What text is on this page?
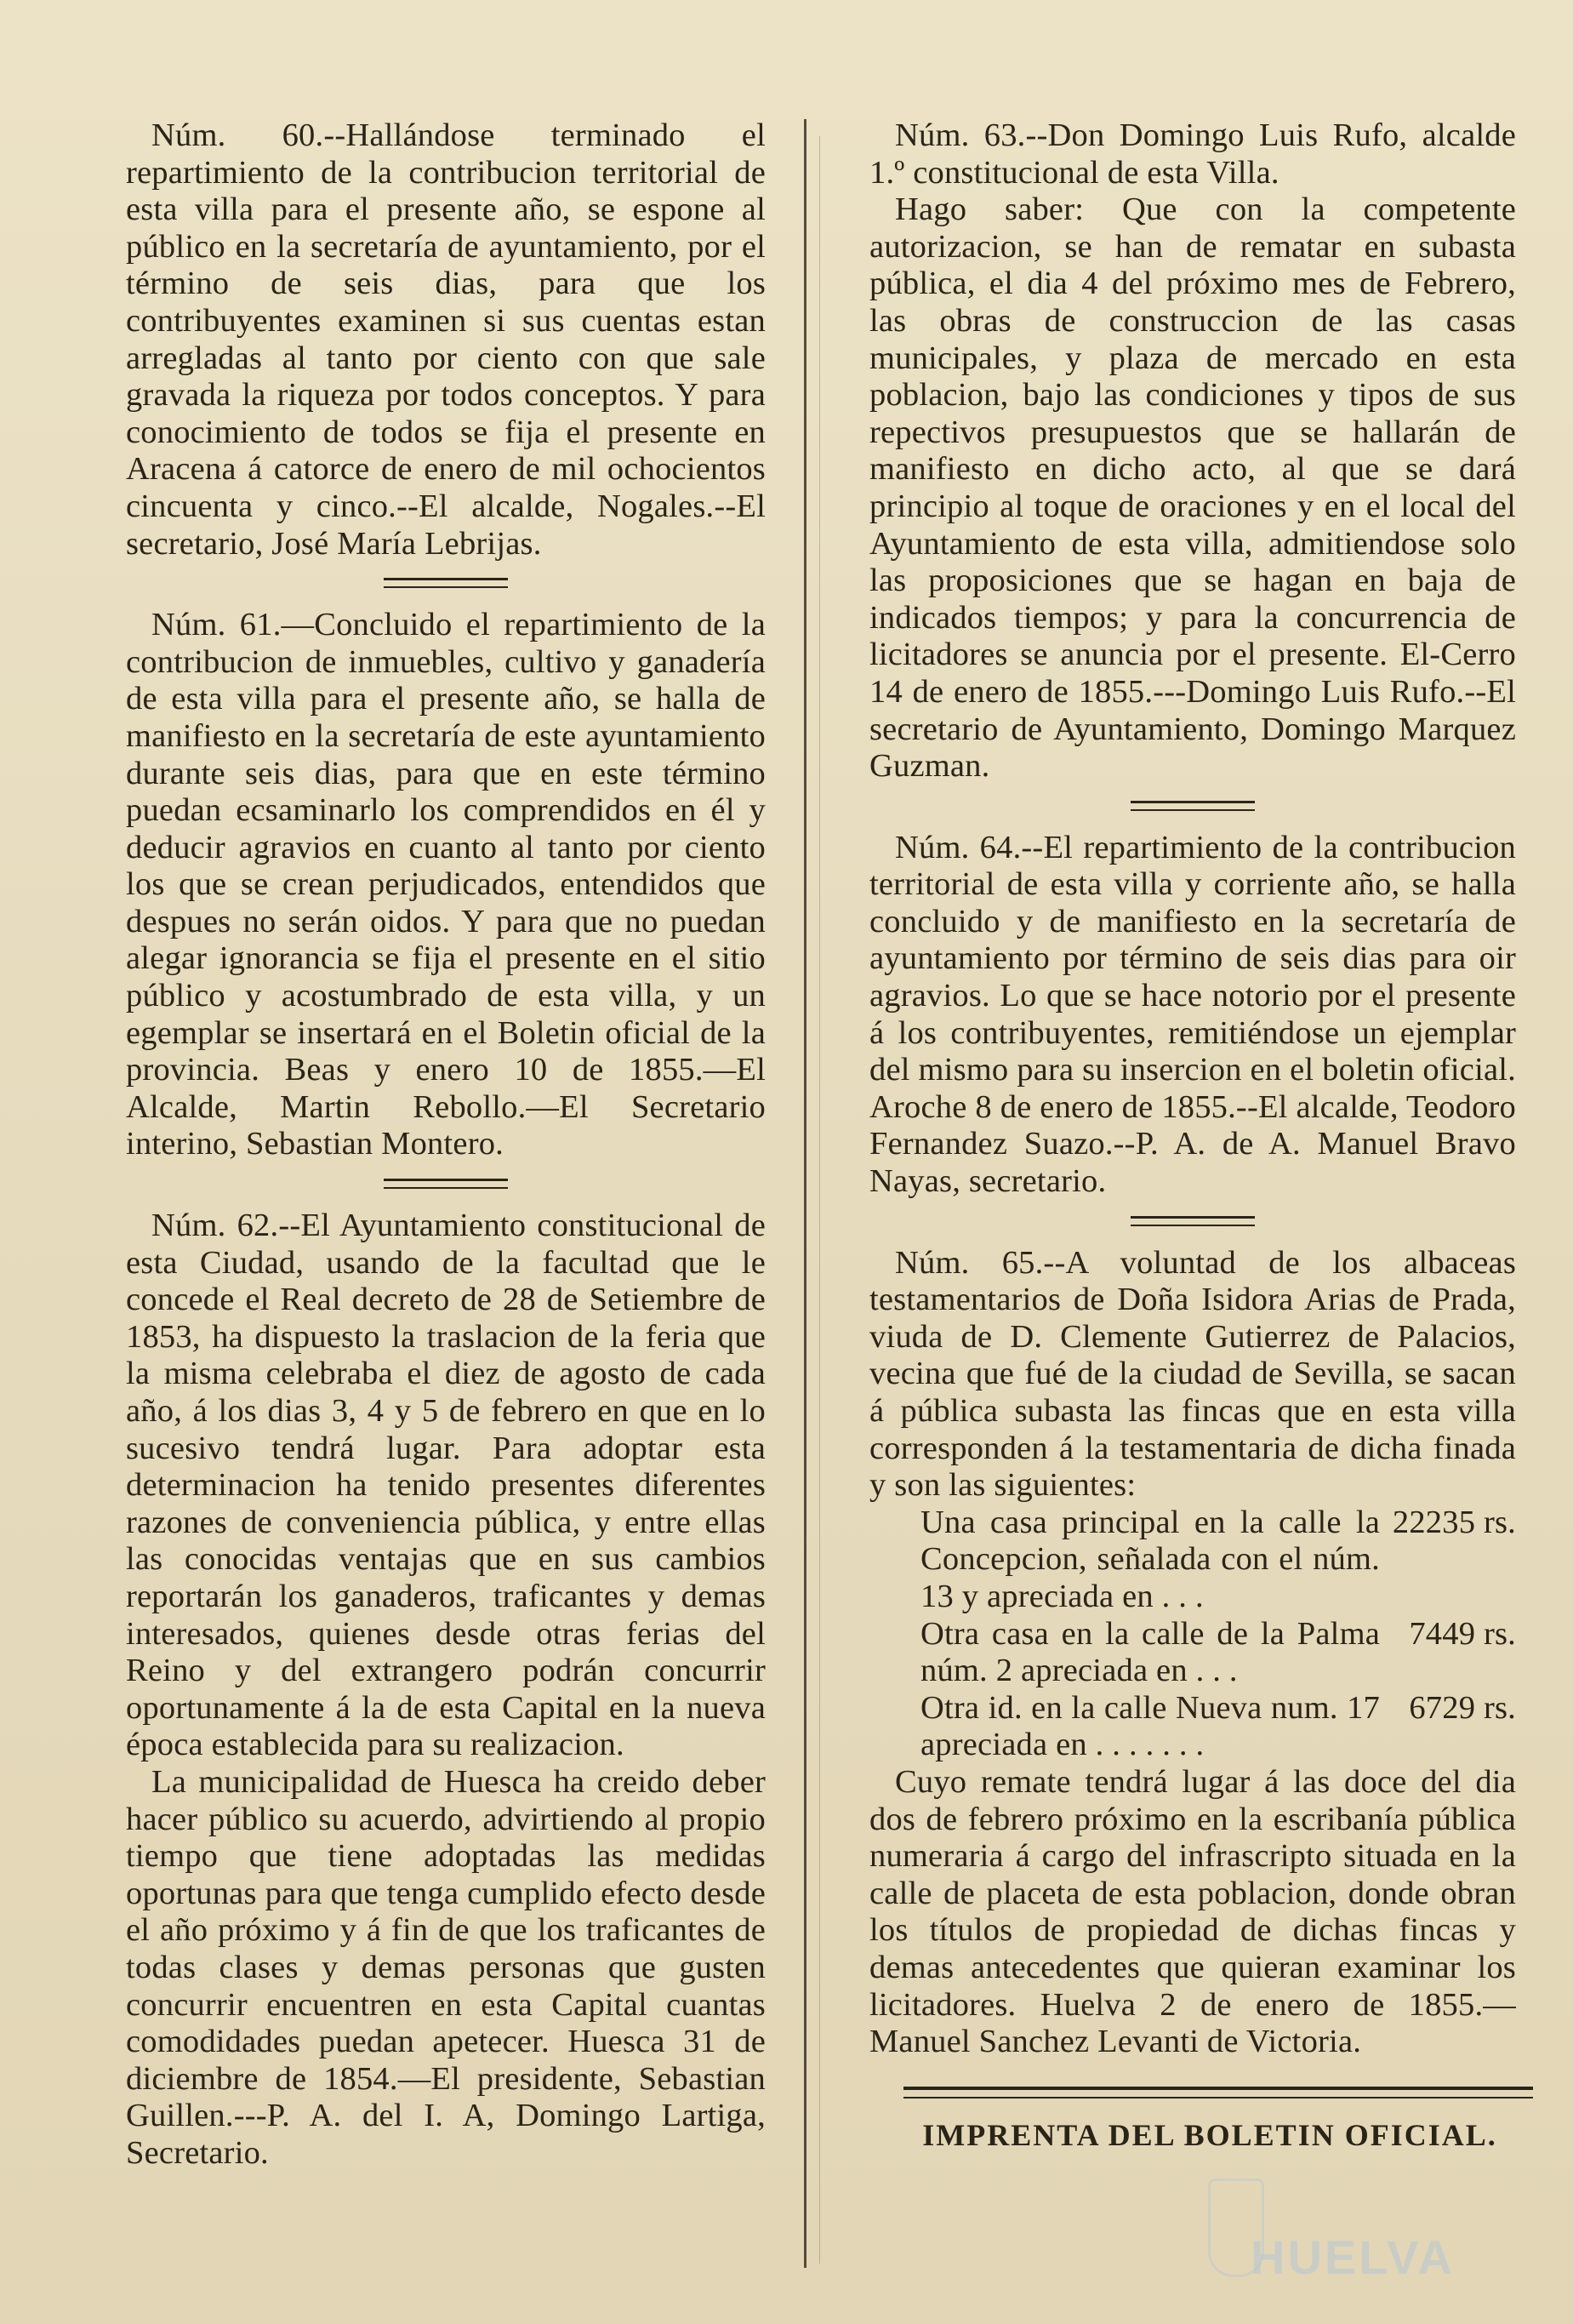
Núm. 60.--Hallándose terminado el repartimiento de la contribucion territorial de esta villa para el presente año, se espone al público en la secretaría de ayuntamiento, por el término de seis dias, para que los contribuyentes examinen si sus cuentas estan arregladas al tanto por ciento con que sale gravada la riqueza por todos conceptos. Y para conocimiento de todos se fija el presente en Aracena á catorce de enero de mil ochocientos cincuenta y cinco.--El alcalde, Nogales.--El secretario, José María Lebrijas.

Núm. 61.—Concluido el repartimiento de la contribucion de inmuebles, cultivo y ganadería de esta villa para el presente año, se halla de manifiesto en la secretaría de este ayuntamiento durante seis dias, para que en este término puedan ecsaminarlo los comprendidos en él y deducir agravios en cuanto al tanto por ciento los que se crean perjudicados, entendidos que despues no serán oidos. Y para que no puedan alegar ignorancia se fija el presente en el sitio público y acostumbrado de esta villa, y un egemplar se insertará en el Boletin oficial de la provincia. Beas y enero 10 de 1855.—El Alcalde, Martin Rebollo.—El Secretario interino, Sebastian Montero.

Núm. 62.--El Ayuntamiento constitucional de esta Ciudad, usando de la facultad que le concede el Real decreto de 28 de Setiembre de 1853, ha dispuesto la traslacion de la feria que la misma celebraba el diez de agosto de cada año, á los dias 3, 4 y 5 de febrero en que en lo sucesivo tendrá lugar. Para adoptar esta determinacion ha tenido presentes diferentes razones de conveniencia pública, y entre ellas las conocidas ventajas que en sus cambios reportarán los ganaderos, traficantes y demas interesados, quienes desde otras ferias del Reino y del extrangero podrán concurrir oportunamente á la de esta Capital en la nueva época establecida para su realizacion.

La municipalidad de Huesca ha creido deber hacer público su acuerdo, advirtiendo al propio tiempo que tiene adoptadas las medidas oportunas para que tenga cumplido efecto desde el año próximo y á fin de que los traficantes de todas clases y demas personas que gusten concurrir encuentren en esta Capital cuantas comodidades puedan apetecer. Huesca 31 de diciembre de 1854.—El presidente, Sebastian Guillen.---P. A. del I. A, Domingo Lartiga, Secretario.

Núm. 63.--Don Domingo Luis Rufo, alcalde 1.º constitucional de esta Villa.

Hago saber: Que con la competente autorizacion, se han de rematar en subasta pública, el dia 4 del próximo mes de Febrero, las obras de construccion de las casas municipales, y plaza de mercado en esta poblacion, bajo las condiciones y tipos de sus repectivos presupuestos que se hallarán de manifiesto en dicho acto, al que se dará principio al toque de oraciones y en el local del Ayuntamiento de esta villa, admitiendose solo las proposiciones que se hagan en baja de indicados tiempos; y para la concurrencia de licitadores se anuncia por el presente. El-Cerro 14 de enero de 1855.---Domingo Luis Rufo.--El secretario de Ayuntamiento, Domingo Marquez Guzman.

Núm. 64.--El repartimiento de la contribucion territorial de esta villa y corriente año, se halla concluido y de manifiesto en la secretaría de ayuntamiento por término de seis dias para oir agravios. Lo que se hace notorio por el presente á los contribuyentes, remitiéndose un ejemplar del mismo para su insercion en el boletin oficial. Aroche 8 de enero de 1855.--El alcalde, Teodoro Fernandez Suazo.--P. A. de A. Manuel Bravo Nayas, secretario.

Núm. 65.--A voluntad de los albaceas testamentarios de Doña Isidora Arias de Prada, viuda de D. Clemente Gutierrez de Palacios, vecina que fué de la ciudad de Sevilla, se sacan á pública subasta las fincas que en esta villa corresponden á la testamentaria de dicha finada y son las siguientes:

Una casa principal en la calle la Concepcion, señalada con el núm. 13 y apreciada en . . .
22235 rs.
Otra casa en la calle de la Palma núm. 2 apreciada en . . .
7449 rs.
Otra id. en la calle Nueva num. 17 apreciada en . . . . . . .
6729 rs.

Cuyo remate tendrá lugar á las doce del dia dos de febrero próximo en la escribanía pública numeraria á cargo del infrascripto situada en la calle de placeta de esta poblacion, donde obran los títulos de propiedad de dichas fincas y demas antecedentes que quieran examinar los licitadores. Huelva 2 de enero de 1855.—Manuel Sanchez Levanti de Victoria.

IMPRENTA DEL BOLETIN OFICIAL.
HUELVA
